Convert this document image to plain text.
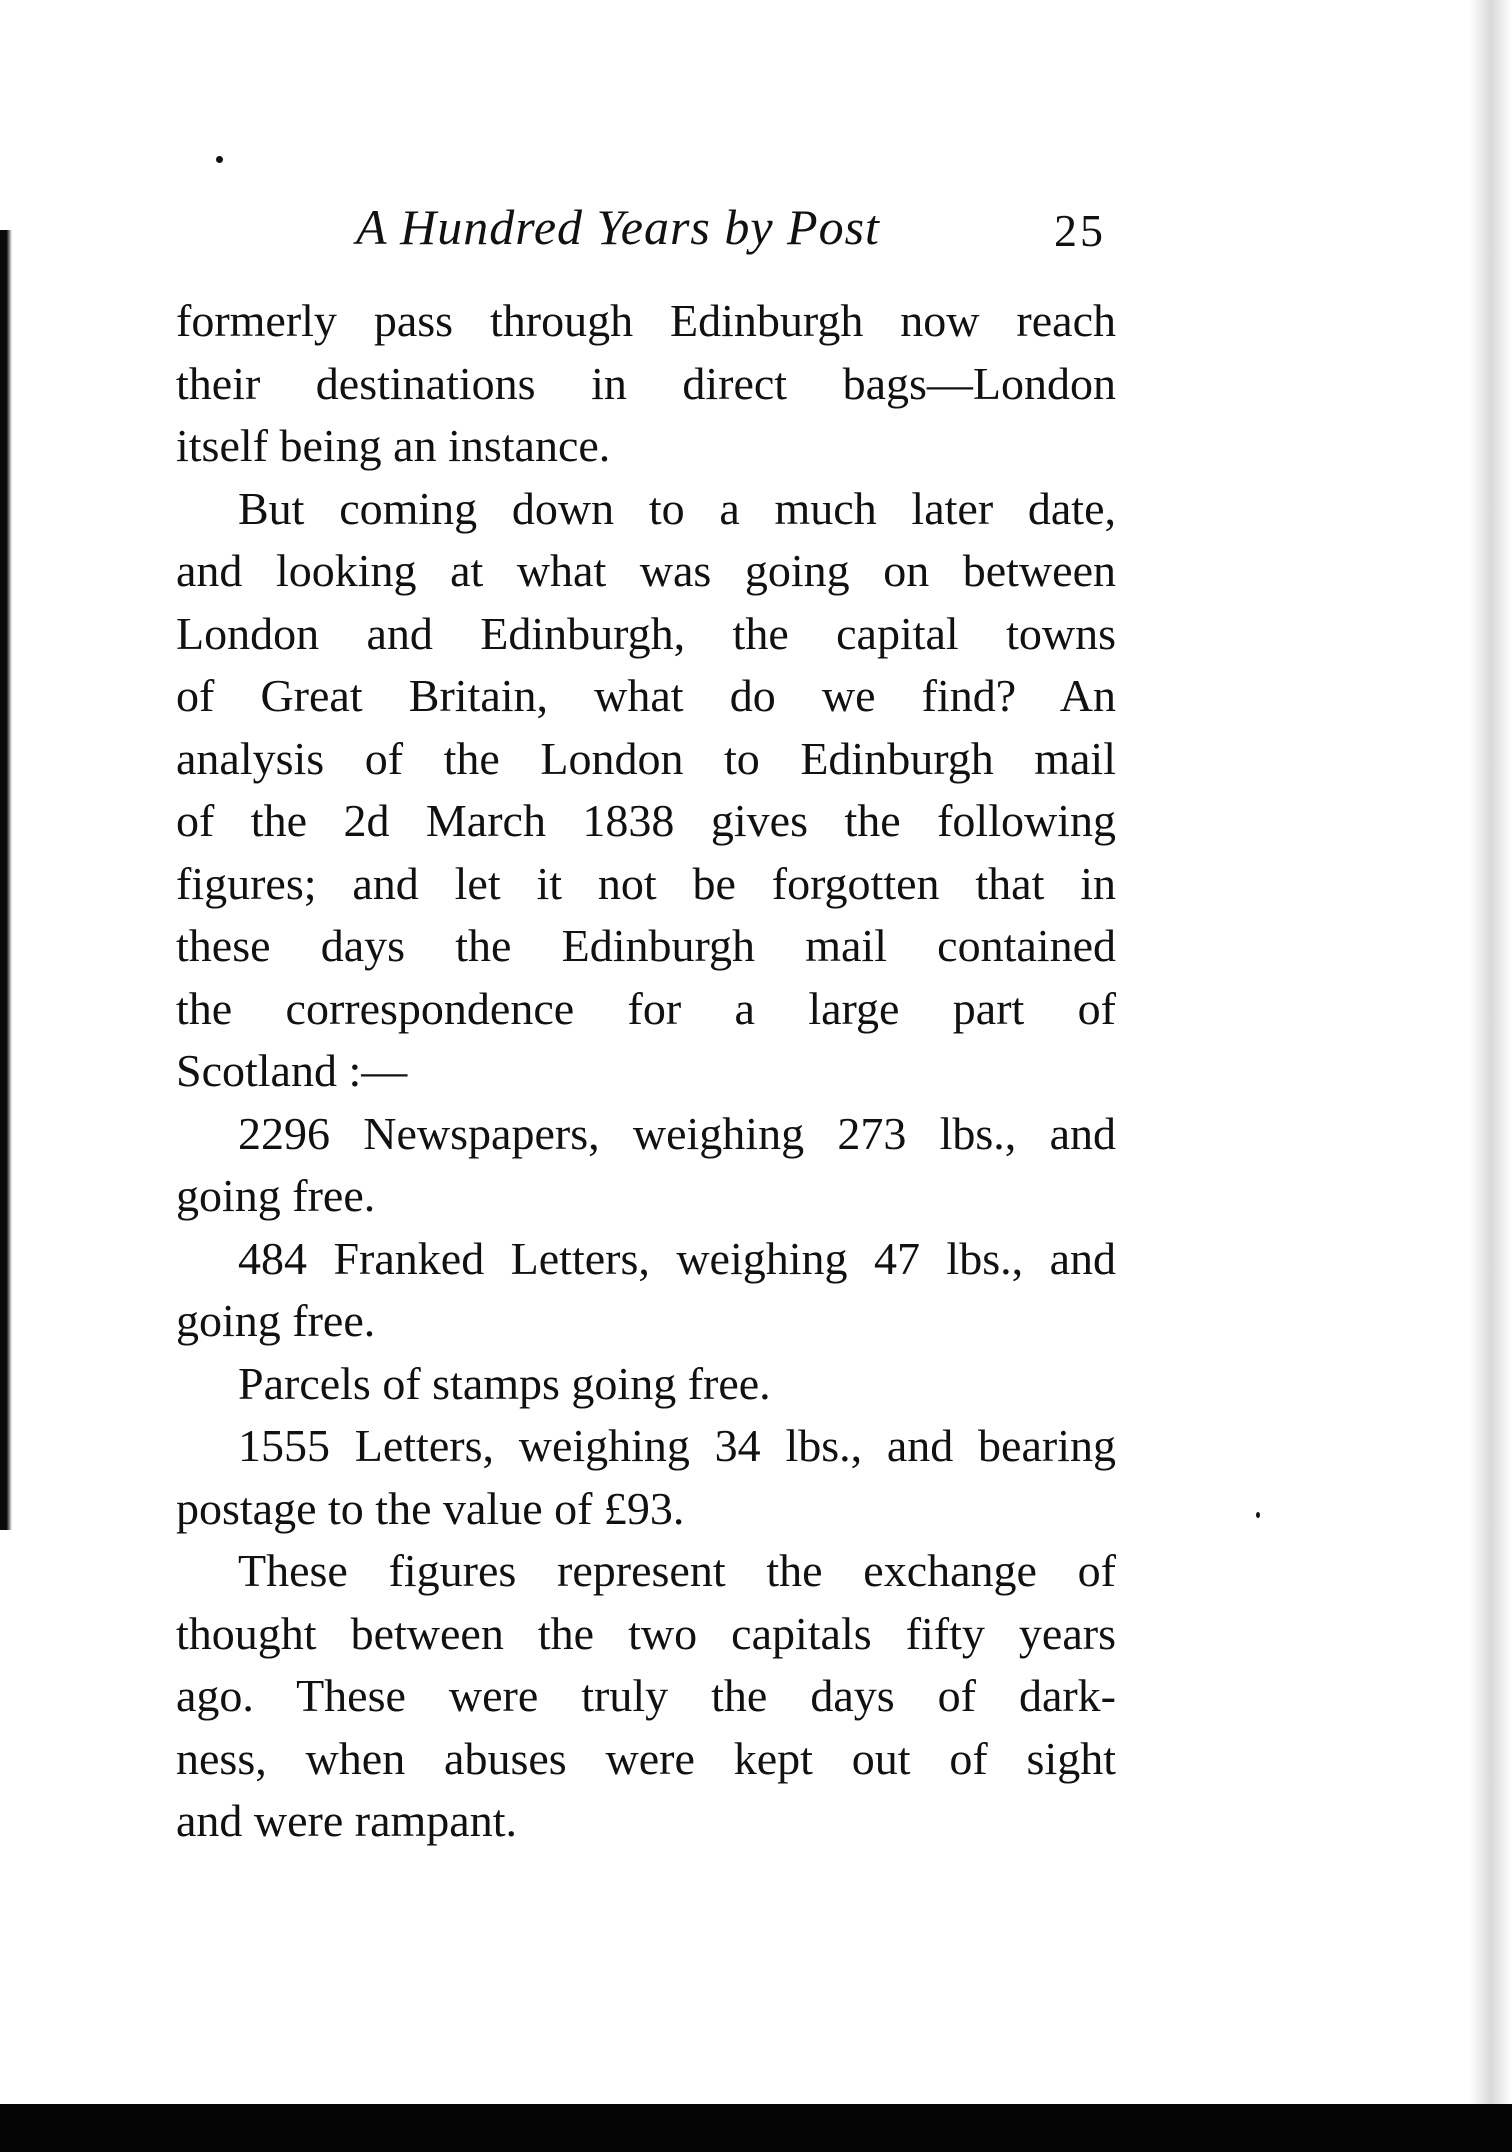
A Hundred Years by Post	25
formerly pass through Edinburgh now reach
their destinations in direct bags—London
itself being an instance.
But coming down to a much later date,
and looking at what was going on between
London and Edinburgh, the capital towns
of Great Britain, what do we find? An
analysis of the London to Edinburgh mail
of the 2d March 1838 gives the following
figures; and let it not be forgotten that in
these days the Edinburgh mail contained
the correspondence for a large part of
Scotland :—
2296 Newspapers, weighing 273 lbs., and
going free.
484 Franked Letters, weighing 47 lbs., and
going free.
Parcels of stamps going free.
1555 Letters, weighing 34 lbs., and bearing
postage to the value of £93.
These figures represent the exchange of
thought between the two capitals fifty years
ago. These were truly the days of dark-
ness, when abuses were kept out of sight
and were rampant.
